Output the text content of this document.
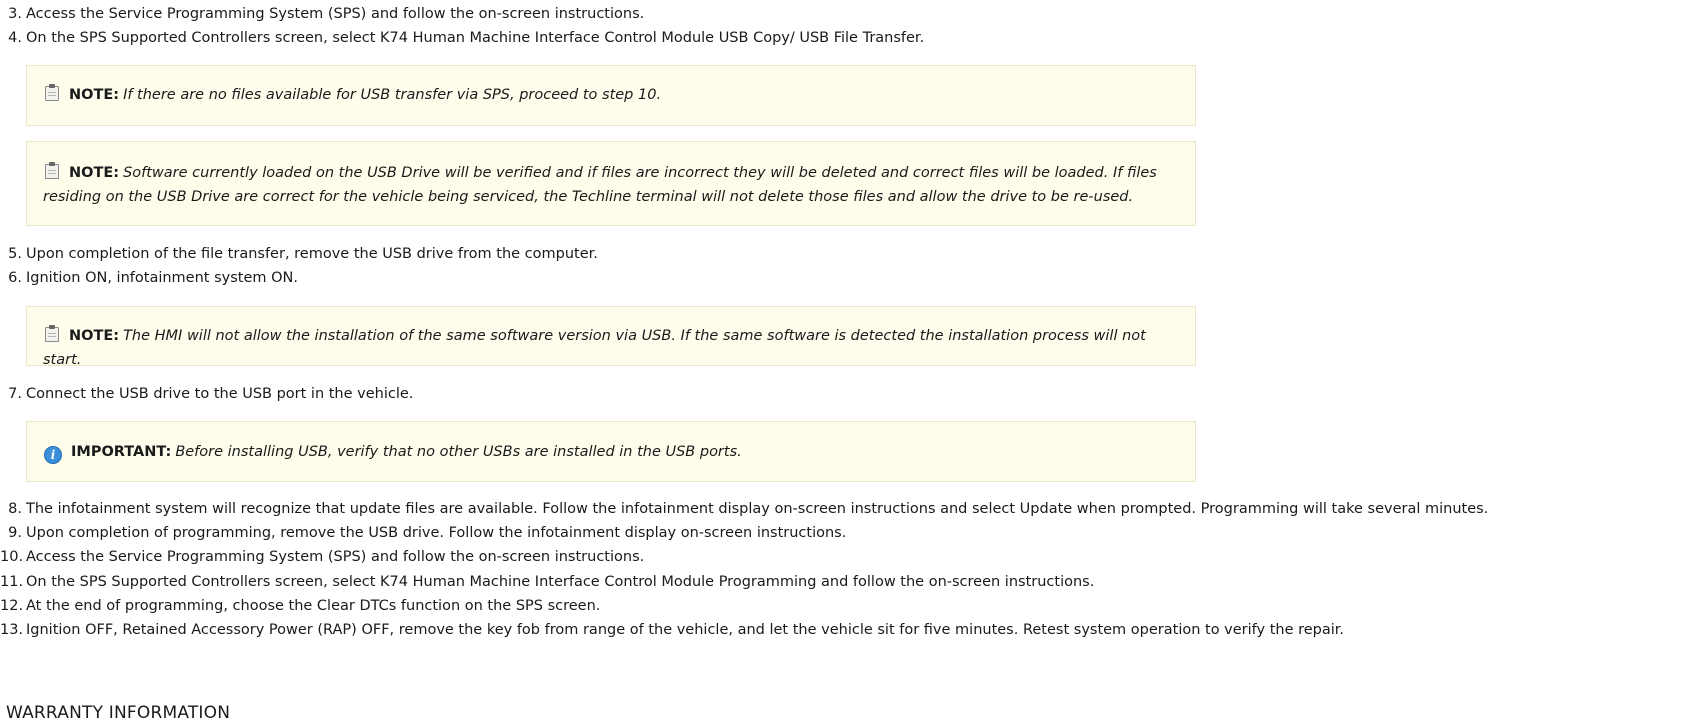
3. Access the Service Programming System (SPS) and follow the on-screen instructions.
4. On the SPS Supported Controllers screen, select K74 Human Machine Interface Control Module USB Copy/ USB File Transfer.
NOTE: If there are no files available for USB transfer via SPS, proceed to step 10.
NOTE: Software currently loaded on the USB Drive will be verified and if files are incorrect they will be deleted and correct files will be loaded. If files residing on the USB Drive are correct for the vehicle being serviced, the Techline terminal will not delete those files and allow the drive to be re-used.
5. Upon completion of the file transfer, remove the USB drive from the computer.
6. Ignition ON, infotainment system ON.
NOTE: The HMI will not allow the installation of the same software version via USB. If the same software is detected the installation process will not start.
7. Connect the USB drive to the USB port in the vehicle.
i IMPORTANT: Before installing USB, verify that no other USBs are installed in the USB ports.
8. The infotainment system will recognize that update files are available. Follow the infotainment display on-screen instructions and select Update when prompted. Programming will take several minutes.
9. Upon completion of programming, remove the USB drive. Follow the infotainment display on-screen instructions.
10. Access the Service Programming System (SPS) and follow the on-screen instructions.
11. On the SPS Supported Controllers screen, select K74 Human Machine Interface Control Module Programming and follow the on-screen instructions.
12. At the end of programming, choose the Clear DTCs function on the SPS screen.
13. Ignition OFF, Retained Accessory Power (RAP) OFF, remove the key fob from range of the vehicle, and let the vehicle sit for five minutes. Retest system operation to verify the repair.
WARRANTY INFORMATION
